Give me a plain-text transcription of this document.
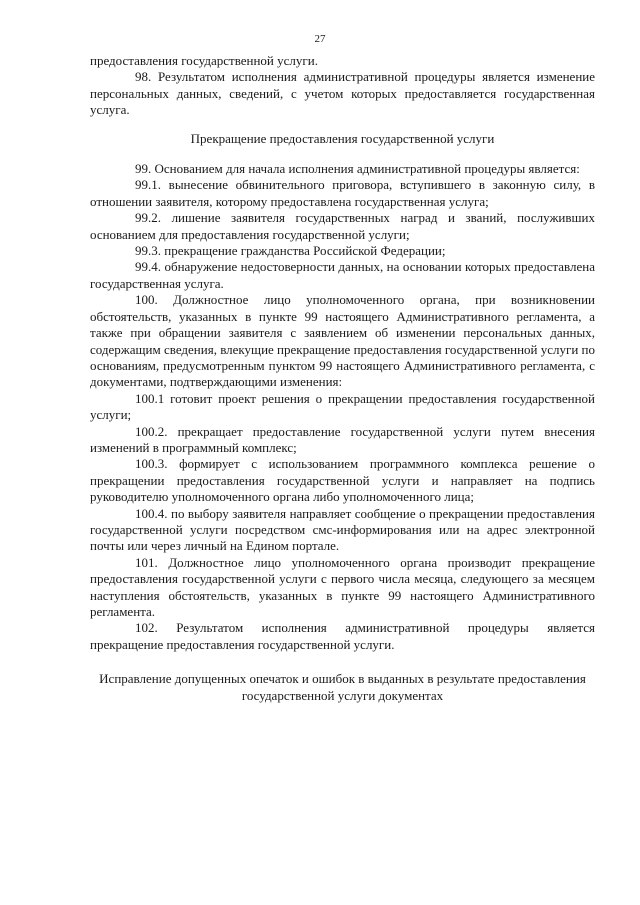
27

предоставления государственной услуги.

98. Результатом исполнения административной процедуры является изменение персональных данных, сведений, с учетом которых предоставляется государственная услуга.

Прекращение предоставления государственной услуги

99. Основанием для начала исполнения административной процедуры является:

99.1. вынесение обвинительного приговора, вступившего в законную силу, в отношении заявителя, которому предоставлена государственная услуга;

99.2. лишение заявителя государственных наград и званий, послуживших основанием для предоставления государственной услуги;

99.3. прекращение гражданства Российской Федерации;

99.4. обнаружение недостоверности данных, на основании которых предоставлена государственная услуга.

100. Должностное лицо уполномоченного органа, при возникновении обстоятельств, указанных в пункте 99 настоящего Административного регламента, а также при обращении заявителя с заявлением об изменении персональных данных, содержащим сведения, влекущие прекращение предоставления государственной услуги по основаниям, предусмотренным пунктом 99 настоящего Административного регламента, с документами, подтверждающими изменения:

100.1 готовит проект решения о прекращении предоставления государственной услуги;

100.2. прекращает предоставление государственной услуги путем внесения изменений в программный комплекс;

100.3. формирует с использованием программного комплекса решение о прекращении предоставления государственной услуги и направляет на подпись руководителю уполномоченного органа либо уполномоченного лица;

100.4. по выбору заявителя направляет сообщение о прекращении предоставления государственной услуги посредством смс-информирования или на адрес электронной почты или через личный на Едином портале.

101. Должностное лицо уполномоченного органа производит прекращение предоставления государственной услуги с первого числа месяца, следующего за месяцем наступления обстоятельств, указанных в пункте 99 настоящего Административного регламента.

102. Результатом исполнения административной процедуры является прекращение предоставления государственной услуги.

Исправление допущенных опечаток и ошибок в выданных в результате предоставления государственной услуги документах
